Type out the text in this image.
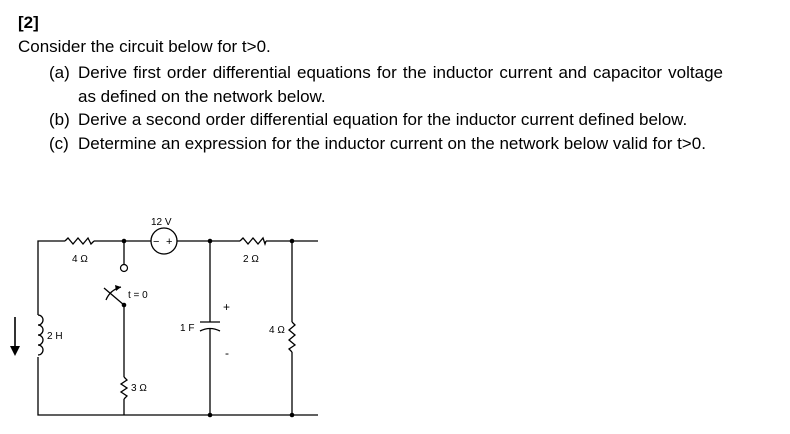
[2]
Consider the circuit below for t>0.
(a) Derive first order differential equations for the inductor current and capacitor voltage as defined on the network below.
(b) Derive a second order differential equation for the inductor current defined below.
(c) Determine an expression for the inductor current on the network below valid for t>0.
4 Ω
t = 0
3 Ω
12 V
− +
1 F
+
-
2 Ω
4 Ω
2 H
